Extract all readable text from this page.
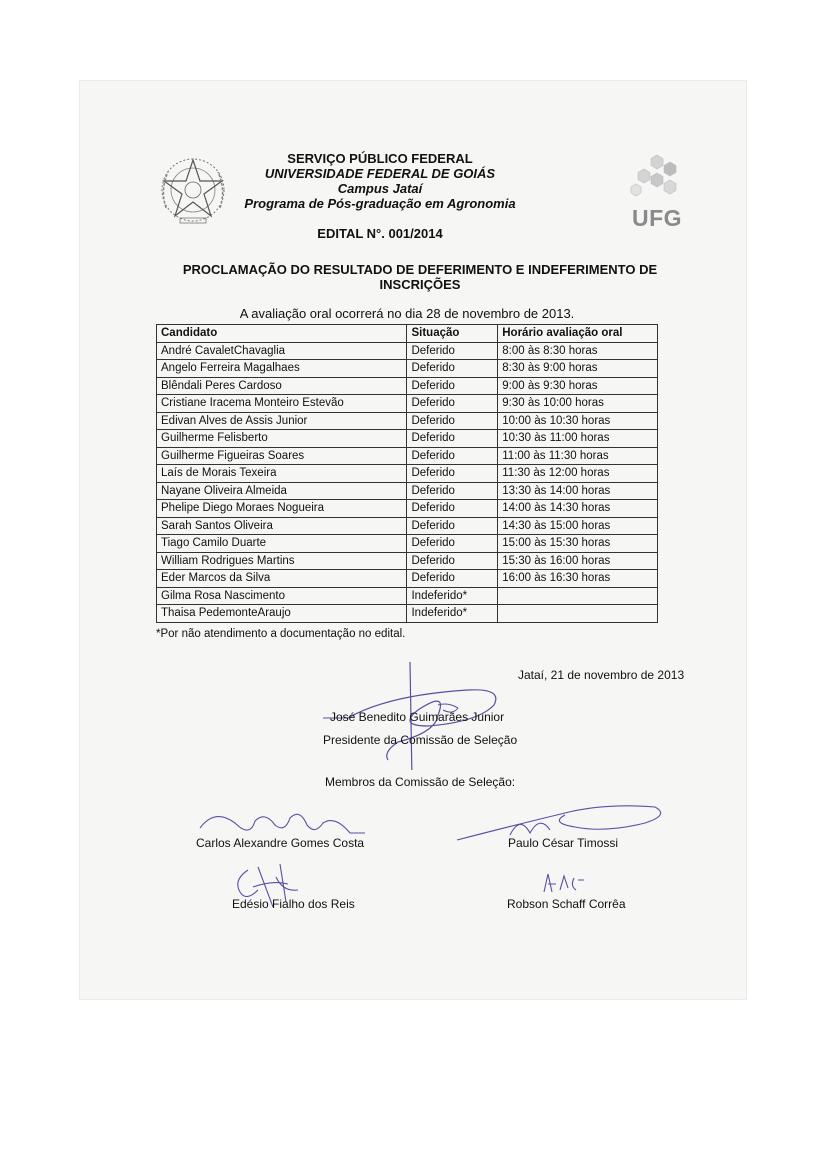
SERVIÇO PÚBLICO FEDERAL
UNIVERSIDADE FEDERAL DE GOIÁS
Campus Jataí
Programa de Pós-graduação em Agronomia
EDITAL N°. 001/2014
UFG
PROCLAMAÇÃO DO RESULTADO DE DEFERIMENTO E INDEFERIMENTO DE
INSCRIÇÕES
A avaliação oral ocorrerá no dia 28 de novembro de 2013.
Candidato	Situação	Horário avaliação oral
André CavaletChavaglia	Deferido	8:00 às 8:30 horas
Angelo Ferreira Magalhaes	Deferido	8:30 às 9:00 horas
Blêndali Peres Cardoso	Deferido	9:00 às 9:30 horas
Cristiane Iracema Monteiro Estevão	Deferido	9:30 às 10:00 horas
Edivan Alves de Assis Junior	Deferido	10:00 às 10:30 horas
Guilherme Felisberto	Deferido	10:30 às 11:00 horas
Guilherme Figueiras Soares	Deferido	11:00 às 11:30 horas
Laís de Morais Texeira	Deferido	11:30 às 12:00 horas
Nayane Oliveira Almeida	Deferido	13:30 às 14:00 horas
Phelipe Diego Moraes Nogueira	Deferido	14:00 às 14:30 horas
Sarah Santos Oliveira	Deferido	14:30 às 15:00 horas
Tiago Camilo Duarte	Deferido	15:00 às 15:30 horas
William Rodrigues Martins	Deferido	15:30 às 16:00 horas
Eder Marcos da Silva	Deferido	16:00 às 16:30 horas
Gilma Rosa Nascimento	Indeferido*	
Thaisa PedemonteAraujo	Indeferido*	
*Por não atendimento a documentação no edital.
Jataí, 21 de novembro de 2013
José Benedito Guimarães Junior
Presidente da Comissão de Seleção
Membros da Comissão de Seleção:
Carlos Alexandre Gomes Costa	Paulo César Timossi
Edésio Fialho dos Reis	Robson Schaff Corrêa
